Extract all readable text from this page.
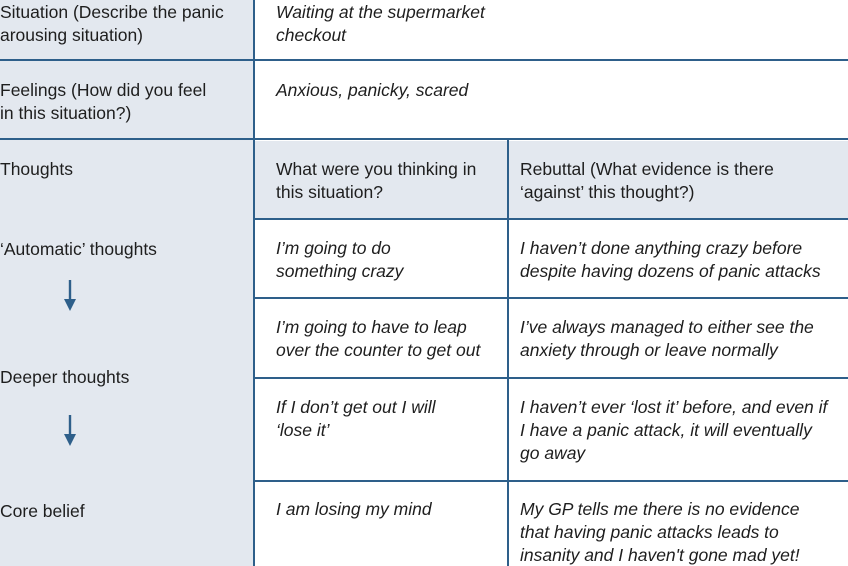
Situation (Describe the panic
arousing situation)
Waiting at the supermarket
checkout
Feelings (How did you feel
in this situation?)
Anxious, panicky, scared
Thoughts	What were you thinking in
this situation?
Rebuttal (What evidence is there
‘against’ this thought?)
‘Automatic’ thoughts
Deeper thoughts
Core belief
I’m going to do
something crazy
I haven’t done anything crazy before
despite having dozens of panic attacks
I’m going to have to leap
over the counter to get out
I’ve always managed to either see the
anxiety through or leave normally
If I don’t get out I will
‘lose it’
I haven’t ever ‘lost it’ before, and even if
I have a panic attack, it will eventually
go away
I am losing my mind	My GP tells me there is no evidence
that having panic attacks leads to
insanity and I haven't gone mad yet!
